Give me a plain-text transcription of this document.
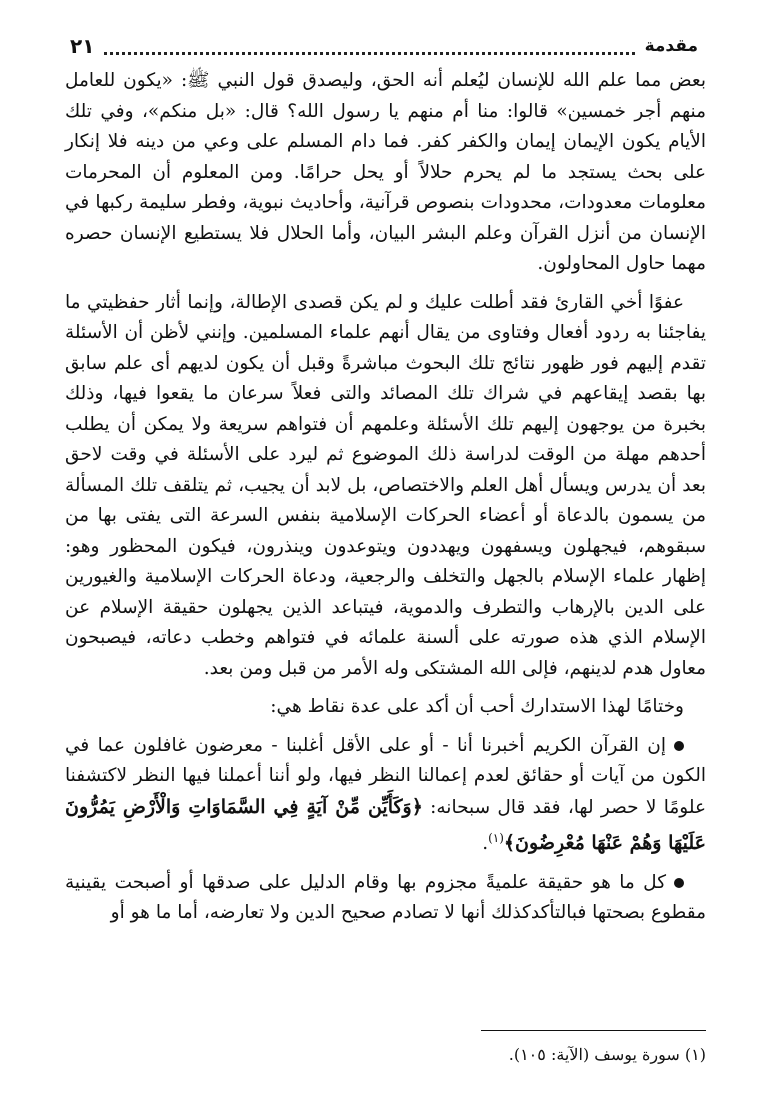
مقدمة
٢١

بعض مما علم الله للإنسان ليُعلم أنه الحق، وليصدق قول النبي ﷺ: «يكون للعامل منهم أجر خمسين» قالوا: منا أم منهم يا رسول الله؟ قال: «بل منكم»، وفي تلك الأيام يكون الإيمان إيمان والكفر كفر. فما دام المسلم على وعي من دينه فلا إنكار على بحث يستجد ما لم يحرم حلالاً أو يحل حرامًا. ومن المعلوم أن المحرمات معلومات معدودات، محدودات بنصوص قرآنية، وأحاديث نبوية، وفطر سليمة ركبها في الإنسان من أنزل القرآن وعلم البشر البيان، وأما الحلال فلا يستطيع الإنسان حصره مهما حاول المحاولون.

عفوًا أخي القارئ فقد أطلت عليك و لم يكن قصدى الإطالة، وإنما أثار حفظيتي ما يفاجئنا به ردود أفعال وفتاوى من يقال أنهم علماء المسلمين. وإنني لأظن أن الأسئلة تقدم إليهم فور ظهور نتائج تلك البحوث مباشرةً وقبل أن يكون لديهم أى علم سابق بها بقصد إيقاعهم في شراك تلك المصائد والتى فعلاً سرعان ما يقعوا فيها، وذلك بخبرة من يوجهون إليهم تلك الأسئلة وعلمهم أن فتواهم سريعة ولا يمكن أن يطلب أحدهم مهلة من الوقت لدراسة ذلك الموضوع ثم ليرد على الأسئلة في وقت لاحق بعد أن يدرس ويسأل أهل العلم والاختصاص، بل لابد أن يجيب، ثم يتلقف تلك المسألة من يسمون بالدعاة أو أعضاء الحركات الإسلامية بنفس السرعة التى يفتى بها من سبقوهم، فيجهلون ويسفهون ويهددون ويتوعدون وينذرون، فيكون المحظور وهو: إظهار علماء الإسلام بالجهل والتخلف والرجعية، ودعاة الحركات الإسلامية والغيورين على الدين بالإرهاب والتطرف والدموية، فيتباعد الذين يجهلون حقيقة الإسلام عن الإسلام الذي هذه صورته على ألسنة علمائه في فتواهم وخطب دعاته، فيصبحون معاول هدم لدينهم، فإلى الله المشتكى وله الأمر من قبل ومن بعد.

وختامًا لهذا الاستدارك أحب أن أكد على عدة نقاط هي:

إن القرآن الكريم أخبرنا أنا - أو على الأقل أغلبنا - معرضون غافلون عما في الكون من آيات أو حقائق لعدم إعمالنا النظر فيها، ولو أننا أعملنا فيها النظر لاكتشفنا علومًا لا حصر لها، فقد قال سبحانه: ﴿وَكَأَيِّن مِّنْ آيَةٍ فِي السَّمَاوَاتِ وَالْأَرْضِ يَمُرُّونَ عَلَيْهَا وَهُمْ عَنْهَا مُعْرِضُونَ﴾$^{(١)}$.

كل ما هو حقيقة علميةً مجزوم بها وقام الدليل على صدقها أو أصبحت يقينية مقطوع بصحتها فبالتأكدكذلك أنها لا تصادم صحيح الدين ولا تعارضه، أما ما هو أو

(١) سورة يوسف (الآية: ١٠٥).
